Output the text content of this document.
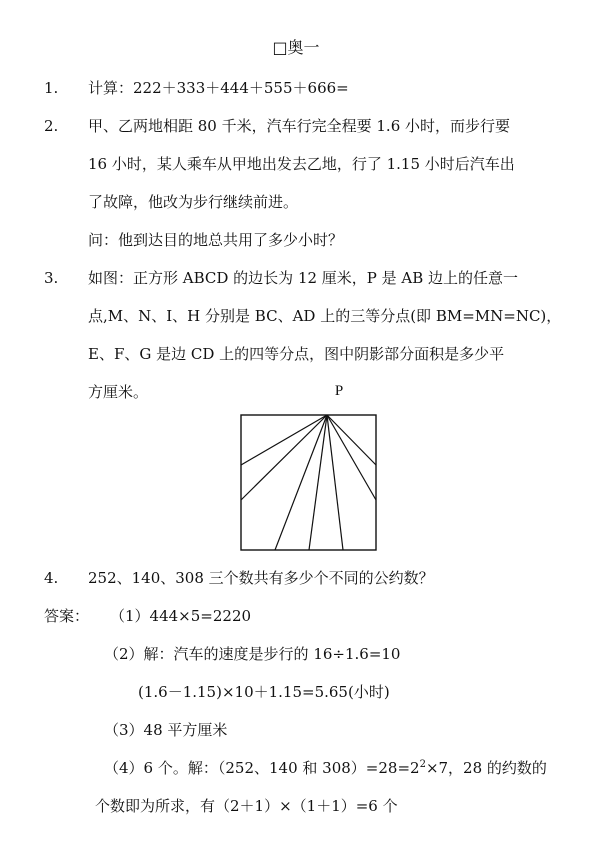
□奥一
1. 计算：222＋333＋444＋555＋666=
2. 甲、乙两地相距 80 千米，汽车行完全程要 1.6 小时，而步行要
16 小时，某人乘车从甲地出发去乙地，行了 1.15 小时后汽车出
了故障，他改为步行继续前进。
问：他到达目的地总共用了多少小时？
3. 如图：正方形 ABCD 的边长为 12 厘米，P 是 AB 边上的任意一
点,M、N、I、H 分别是 BC、AD 上的三等分点(即 BM=MN=NC)，
E、F、G 是边 CD 上的四等分点，图中阴影部分面积是多少平
方厘米。	P
4. 252、140、308 三个数共有多少个不同的公约数？
答案： （1）444×5=2220
（2）解：汽车的速度是步行的 16÷1.6=10
(1.6－1.15)×10＋1.15=5.65(小时)
（3）48 平方厘米
（4）6 个。解：（252、140 和 $308)=28=2^2\times 7$，28 的约数的
个数即为所求，有（2＋1）×（1＋1）=6 个
